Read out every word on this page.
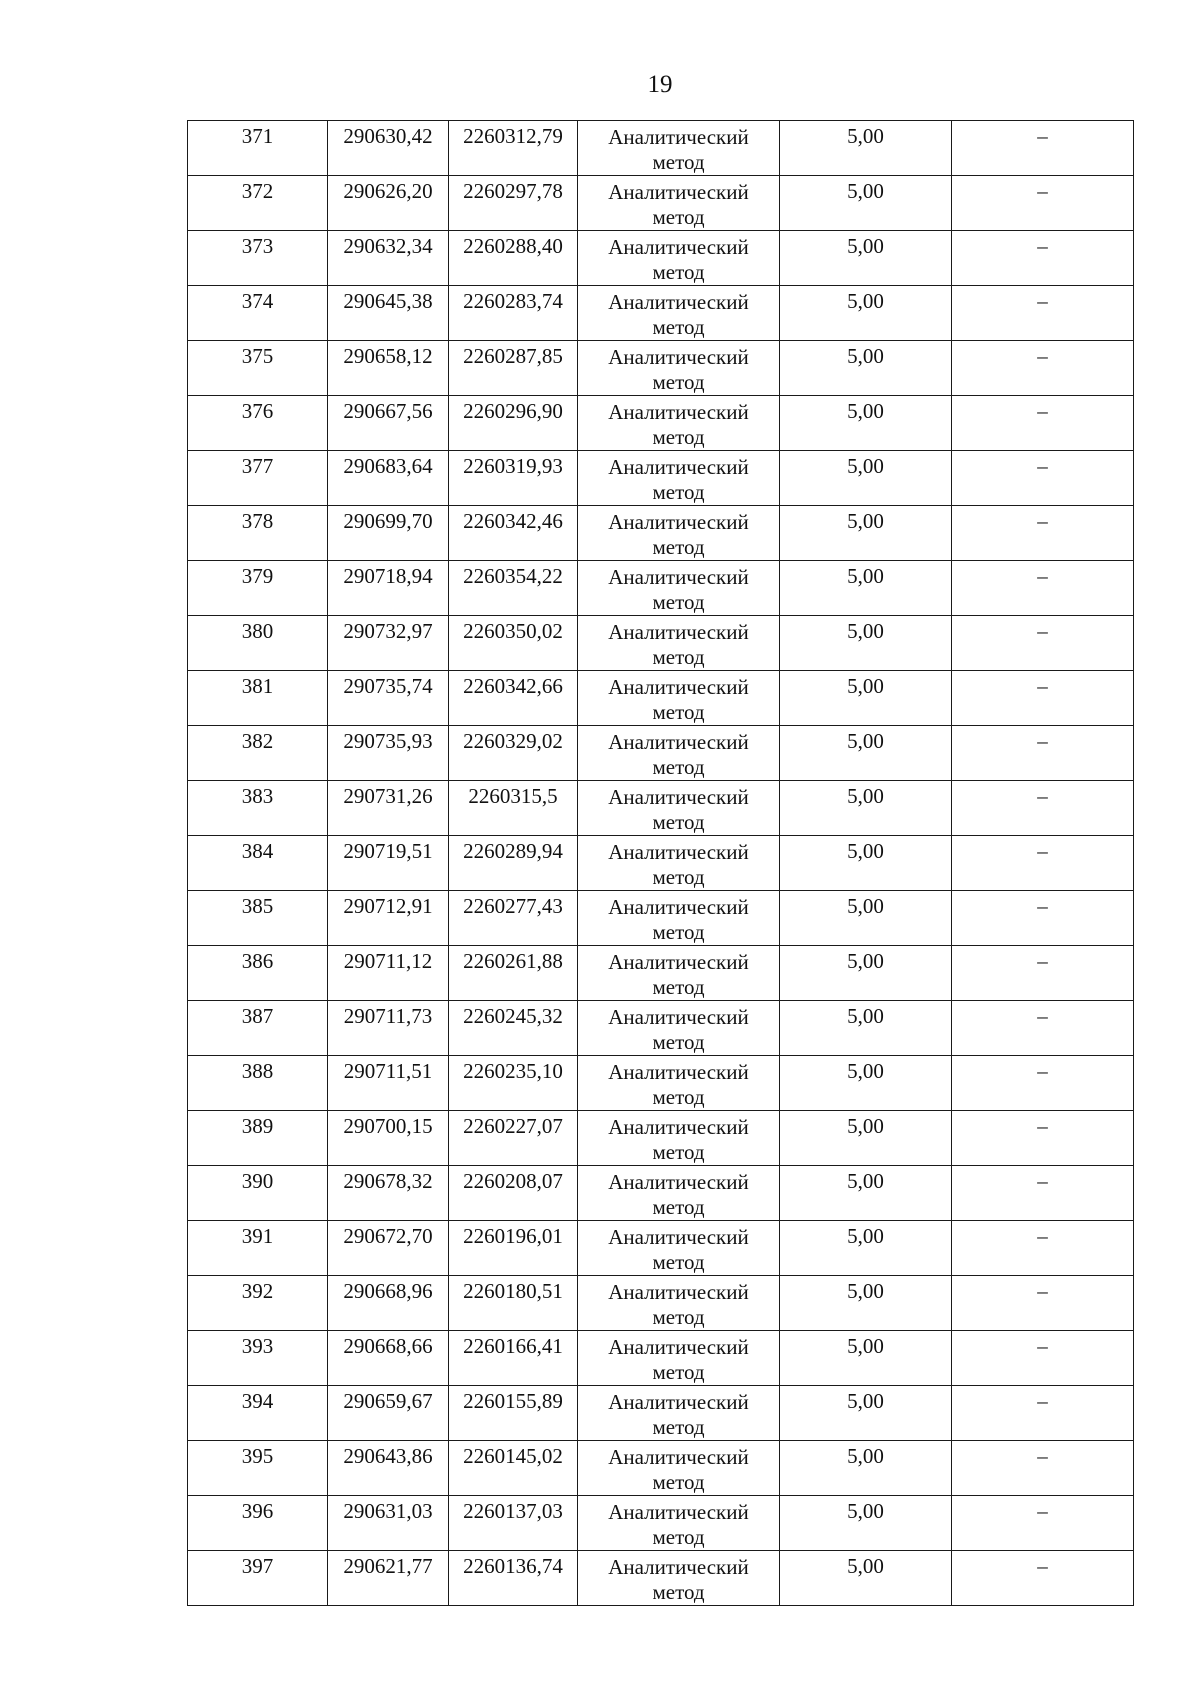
19
371	290630,42	2260312,79	Аналитический
метод	5,00	–

372	290626,20	2260297,78	Аналитический
метод	5,00	–

373	290632,34	2260288,40	Аналитический
метод	5,00	–

374	290645,38	2260283,74	Аналитический
метод	5,00	–

375	290658,12	2260287,85	Аналитический
метод	5,00	–

376	290667,56	2260296,90	Аналитический
метод	5,00	–

377	290683,64	2260319,93	Аналитический
метод	5,00	–

378	290699,70	2260342,46	Аналитический
метод	5,00	–

379	290718,94	2260354,22	Аналитический
метод	5,00	–

380	290732,97	2260350,02	Аналитический
метод	5,00	–

381	290735,74	2260342,66	Аналитический
метод	5,00	–

382	290735,93	2260329,02	Аналитический
метод	5,00	–

383	290731,26	2260315,5	Аналитический
метод	5,00	–

384	290719,51	2260289,94	Аналитический
метод	5,00	–

385	290712,91	2260277,43	Аналитический
метод	5,00	–

386	290711,12	2260261,88	Аналитический
метод	5,00	–

387	290711,73	2260245,32	Аналитический
метод	5,00	–

388	290711,51	2260235,10	Аналитический
метод	5,00	–

389	290700,15	2260227,07	Аналитический
метод	5,00	–

390	290678,32	2260208,07	Аналитический
метод	5,00	–

391	290672,70	2260196,01	Аналитический
метод	5,00	–

392	290668,96	2260180,51	Аналитический
метод	5,00	–

393	290668,66	2260166,41	Аналитический
метод	5,00	–

394	290659,67	2260155,89	Аналитический
метод	5,00	–

395	290643,86	2260145,02	Аналитический
метод	5,00	–

396	290631,03	2260137,03	Аналитический
метод	5,00	–

397	290621,77	2260136,74	Аналитический
метод	5,00	–
